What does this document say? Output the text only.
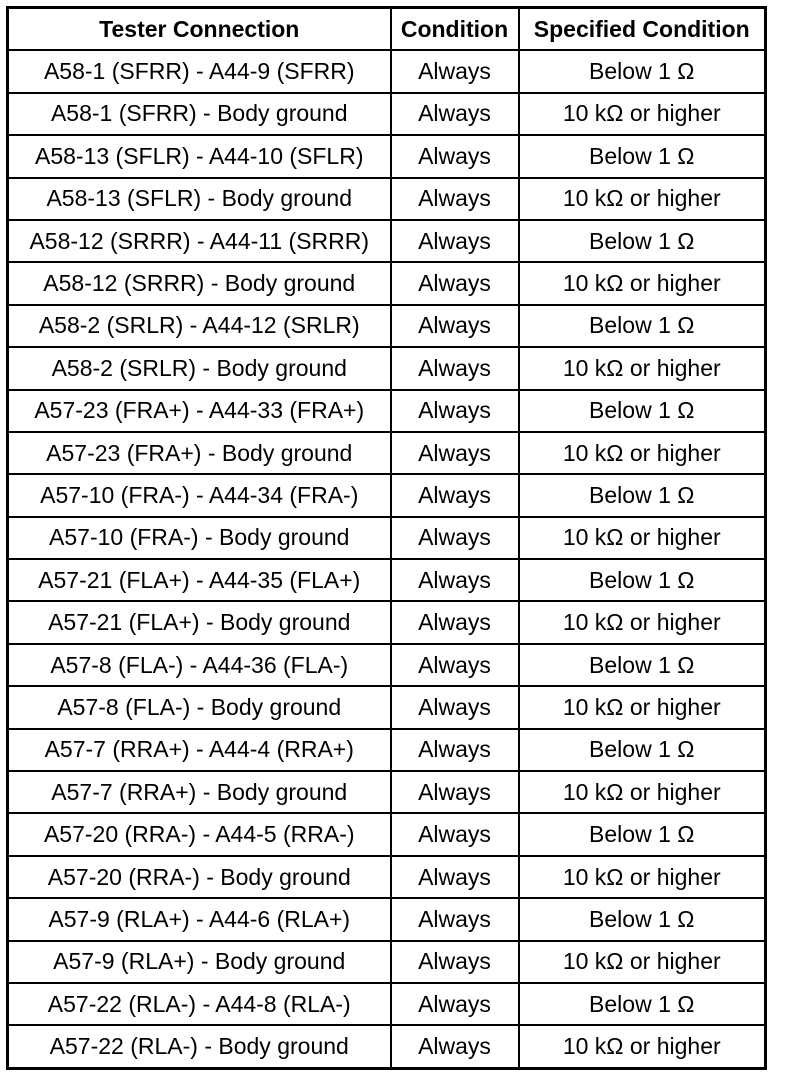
Tester Connection	Condition	Specified Condition
A58-1 (SFRR) - A44-9 (SFRR)	Always	Below 1 Ω
A58-1 (SFRR) - Body ground	Always	10 kΩ or higher
A58-13 (SFLR) - A44-10 (SFLR)	Always	Below 1 Ω
A58-13 (SFLR) - Body ground	Always	10 kΩ or higher
A58-12 (SRRR) - A44-11 (SRRR)	Always	Below 1 Ω
A58-12 (SRRR) - Body ground	Always	10 kΩ or higher
A58-2 (SRLR) - A44-12 (SRLR)	Always	Below 1 Ω
A58-2 (SRLR) - Body ground	Always	10 kΩ or higher
A57-23 (FRA+) - A44-33 (FRA+)	Always	Below 1 Ω
A57-23 (FRA+) - Body ground	Always	10 kΩ or higher
A57-10 (FRA-) - A44-34 (FRA-)	Always	Below 1 Ω
A57-10 (FRA-) - Body ground	Always	10 kΩ or higher
A57-21 (FLA+) - A44-35 (FLA+)	Always	Below 1 Ω
A57-21 (FLA+) - Body ground	Always	10 kΩ or higher
A57-8 (FLA-) - A44-36 (FLA-)	Always	Below 1 Ω
A57-8 (FLA-) - Body ground	Always	10 kΩ or higher
A57-7 (RRA+) - A44-4 (RRA+)	Always	Below 1 Ω
A57-7 (RRA+) - Body ground	Always	10 kΩ or higher
A57-20 (RRA-) - A44-5 (RRA-)	Always	Below 1 Ω
A57-20 (RRA-) - Body ground	Always	10 kΩ or higher
A57-9 (RLA+) - A44-6 (RLA+)	Always	Below 1 Ω
A57-9 (RLA+) - Body ground	Always	10 kΩ or higher
A57-22 (RLA-) - A44-8 (RLA-)	Always	Below 1 Ω
A57-22 (RLA-) - Body ground	Always	10 kΩ or higher
